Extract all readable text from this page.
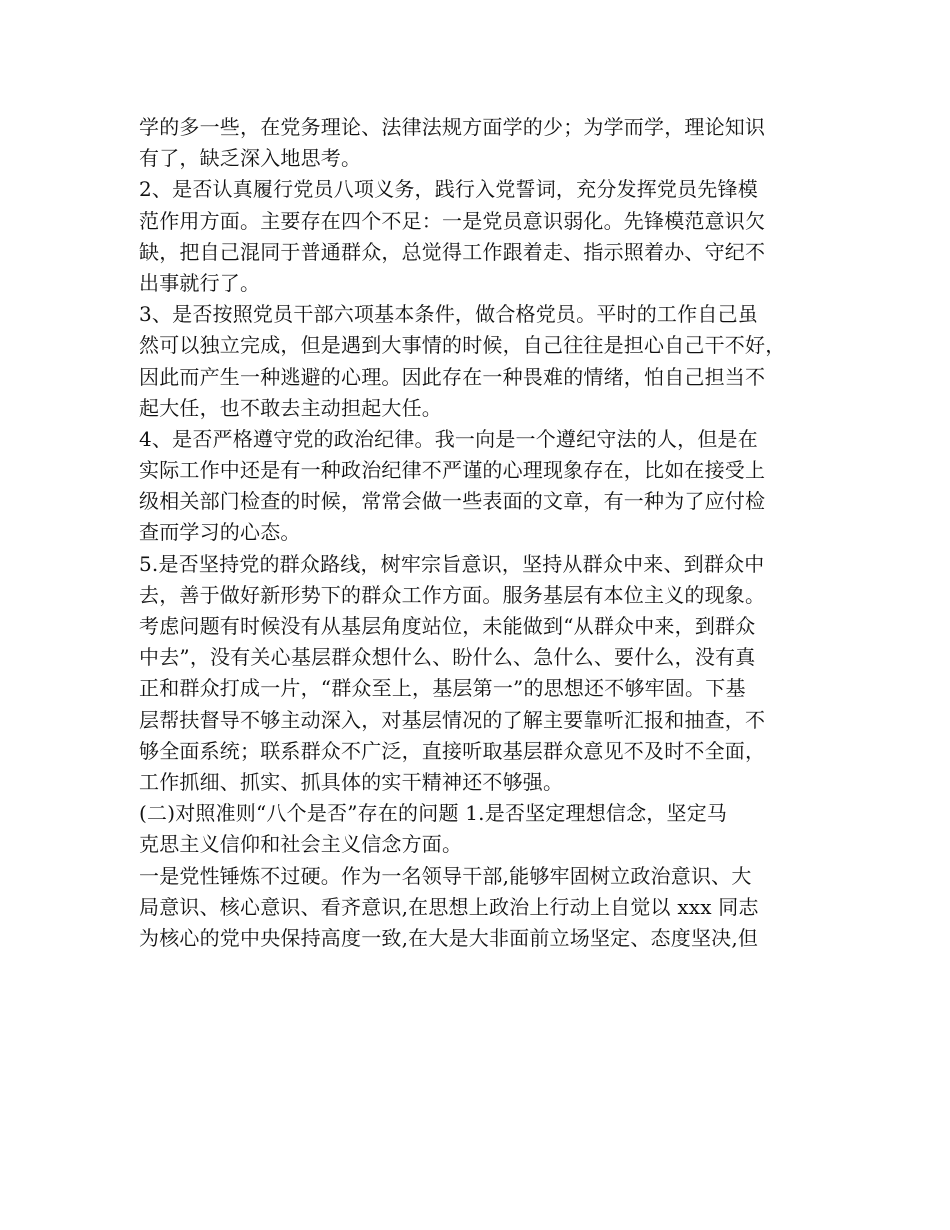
学的多一些，在党务理论、法律法规方面学的少；为学而学，理论知识
有了，缺乏深入地思考。
2、是否认真履行党员八项义务，践行入党誓词，充分发挥党员先锋模
范作用方面。主要存在四个不足：一是党员意识弱化。先锋模范意识欠
缺，把自己混同于普通群众，总觉得工作跟着走、指示照着办、守纪不
出事就行了。
3、是否按照党员干部六项基本条件，做合格党员。平时的工作自己虽
然可以独立完成，但是遇到大事情的时候，自己往往是担心自己干不好，
因此而产生一种逃避的心理。因此存在一种畏难的情绪，怕自己担当不
起大任，也不敢去主动担起大任。
4、是否严格遵守党的政治纪律。我一向是一个遵纪守法的人，但是在
实际工作中还是有一种政治纪律不严谨的心理现象存在，比如在接受上
级相关部门检查的时候，常常会做一些表面的文章，有一种为了应付检
查而学习的心态。
5.是否坚持党的群众路线，树牢宗旨意识，坚持从群众中来、到群众中
去，善于做好新形势下的群众工作方面。服务基层有本位主义的现象。
考虑问题有时候没有从基层角度站位，未能做到“从群众中来，到群众
中去”，没有关心基层群众想什么、盼什么、急什么、要什么，没有真
正和群众打成一片，“群众至上，基层第一”的思想还不够牢固。下基
层帮扶督导不够主动深入，对基层情况的了解主要靠听汇报和抽查，不
够全面系统；联系群众不广泛，直接听取基层群众意见不及时不全面，
工作抓细、抓实、抓具体的实干精神还不够强。
(二)对照准则“八个是否”存在的问题 1.是否坚定理想信念，坚定马
克思主义信仰和社会主义信念方面。
一是党性锤炼不过硬。作为一名领导干部,能够牢固树立政治意识、大
局意识、核心意识、看齐意识,在思想上政治上行动上自觉以 xxx 同志
为核心的党中央保持高度一致,在大是大非面前立场坚定、态度坚决,但
